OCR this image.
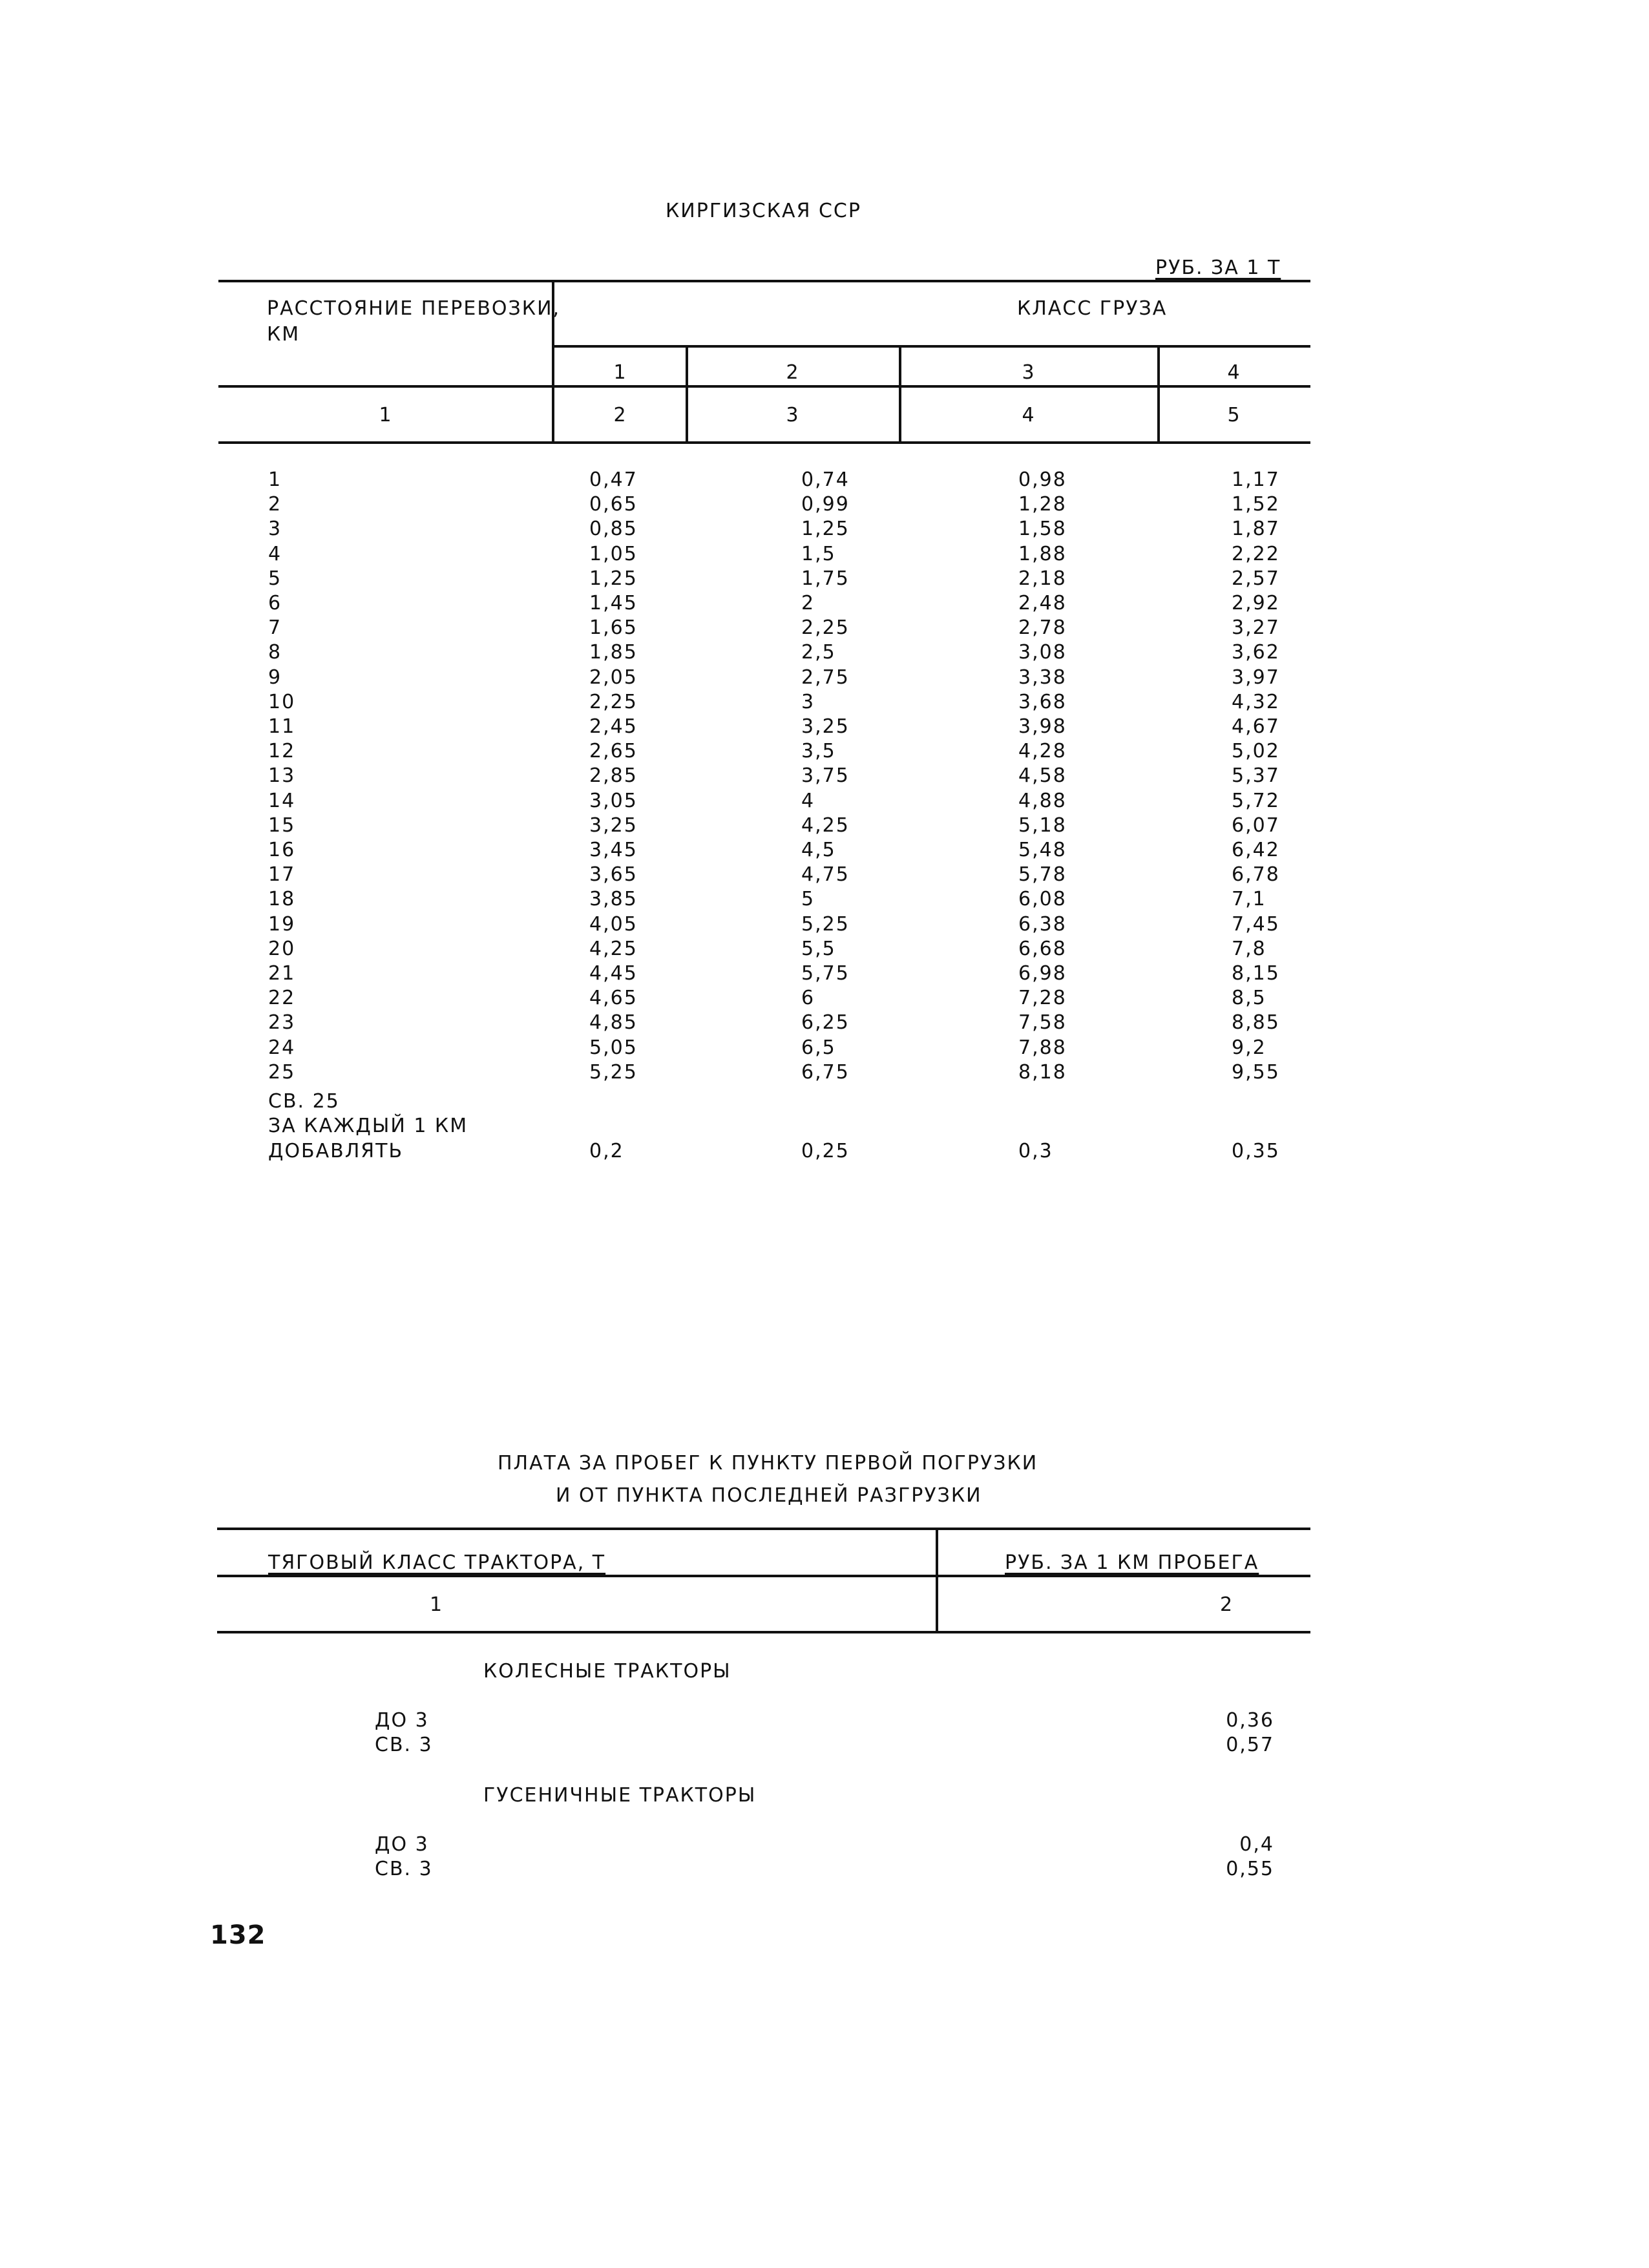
КИРГИЗСКАЯ ССР
РУБ. ЗА 1 Т
РАССТОЯНИЕ ПЕРЕВОЗКИ,
КМ
КЛАСС ГРУЗА
1	2	3	4
1	2	3	4	5
1	0,47	0,74	0,98	1,17
2	0,65	0,99	1,28	1,52
3	0,85	1,25	1,58	1,87
4	1,05	1,5	1,88	2,22
5	1,25	1,75	2,18	2,57
6	1,45	2	2,48	2,92
7	1,65	2,25	2,78	3,27
8	1,85	2,5	3,08	3,62
9	2,05	2,75	3,38	3,97
10	2,25	3	3,68	4,32
11	2,45	3,25	3,98	4,67
12	2,65	3,5	4,28	5,02
13	2,85	3,75	4,58	5,37
14	3,05	4	4,88	5,72
15	3,25	4,25	5,18	6,07
16	3,45	4,5	5,48	6,42
17	3,65	4,75	5,78	6,78
18	3,85	5	6,08	7,1
19	4,05	5,25	6,38	7,45
20	4,25	5,5	6,68	7,8
21	4,45	5,75	6,98	8,15
22	4,65	6	7,28	8,5
23	4,85	6,25	7,58	8,85
24	5,05	6,5	7,88	9,2
25	5,25	6,75	8,18	9,55
СВ. 25
ЗА КАЖДЫЙ 1 КМ
ДОБАВЛЯТЬ	0,2	0,25	0,3	0,35
ПЛАТА ЗА ПРОБЕГ К ПУНКТУ ПЕРВОЙ ПОГРУЗКИ
И ОТ ПУНКТА ПОСЛЕДНЕЙ РАЗГРУЗКИ
ТЯГОВЫЙ КЛАСС ТРАКТОРА, Т	РУБ. ЗА 1 КМ ПРОБЕГА
1	2
КОЛЕСНЫЕ ТРАКТОРЫ
ДО 3	0,36
СВ. 3	0,57
ГУСЕНИЧНЫЕ ТРАКТОРЫ
ДО 3	0,4
СВ. 3	0,55
132
